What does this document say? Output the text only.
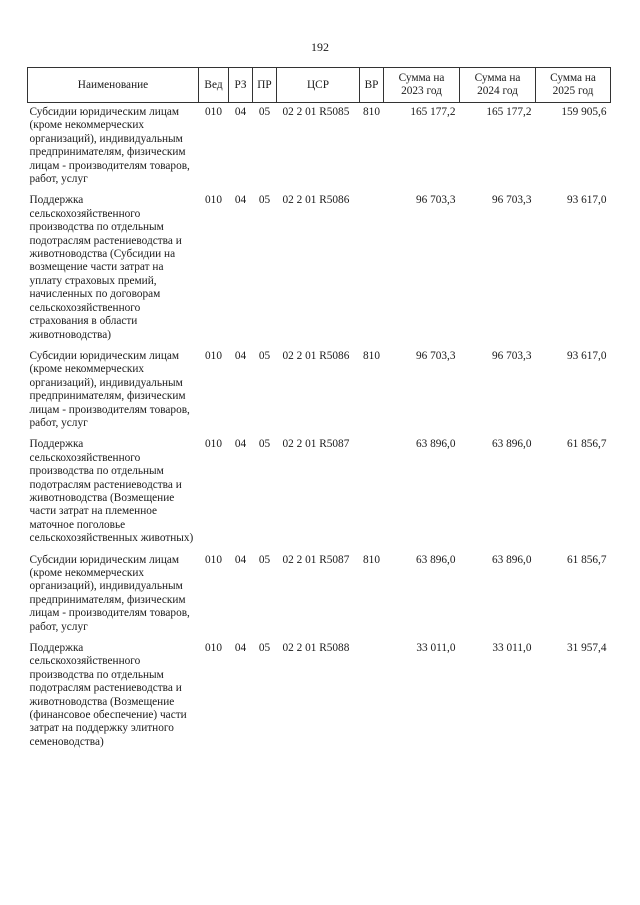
192
Наименование	Вед	РЗ	ПР	ЦСР	ВР	Сумма на 2023 год	Сумма на 2024 год	Сумма на 2025 год
Субсидии юридическим лицам (кроме некоммерческих организаций), индивидуальным предпринимателям, физическим лицам - производителям товаров, работ, услуг	010	04	05	02 2 01 R5085	810	165 177,2	165 177,2	159 905,6
Поддержка сельскохозяйственного производства по отдельным подотраслям растениеводства и животноводства (Субсидии на возмещение части затрат на уплату страховых премий, начисленных по договорам сельскохозяйственного страхования в области животноводства)	010	04	05	02 2 01 R5086		96 703,3	96 703,3	93 617,0
Субсидии юридическим лицам (кроме некоммерческих организаций), индивидуальным предпринимателям, физическим лицам - производителям товаров, работ, услуг	010	04	05	02 2 01 R5086	810	96 703,3	96 703,3	93 617,0
Поддержка сельскохозяйственного производства по отдельным подотраслям растениеводства и животноводства (Возмещение части затрат на племенное маточное поголовье сельскохозяйственных животных)	010	04	05	02 2 01 R5087		63 896,0	63 896,0	61 856,7
Субсидии юридическим лицам (кроме некоммерческих организаций), индивидуальным предпринимателям, физическим лицам - производителям товаров, работ, услуг	010	04	05	02 2 01 R5087	810	63 896,0	63 896,0	61 856,7
Поддержка сельскохозяйственного производства по отдельным подотраслям растениеводства и животноводства (Возмещение (финансовое обеспечение) части затрат на поддержку элитного семеноводства)	010	04	05	02 2 01 R5088		33 011,0	33 011,0	31 957,4
